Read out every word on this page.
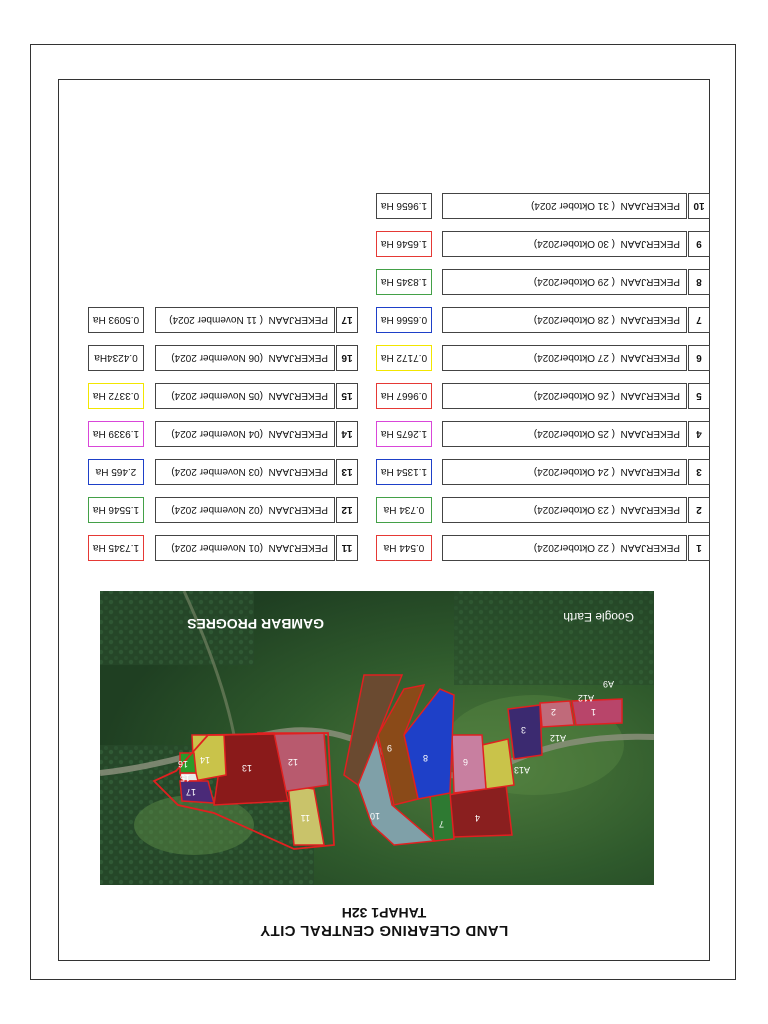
LAND CLEARING CENTRAL CITY
TAHAP1 32H
1
2
3
4
6
7
8
9
10
11
12
13
14
15
16
17
A9
A12
A13
A12
Google Earth
GAMBAR PROGRES
1
PEKERJAAN  ( 22 Oktober2024)
0.544 Ha
2
PEKERJAAN  ( 23 Oktober2024)
0.734 Ha
3
PEKERJAAN  ( 24 Oktober2024)
1.1354 Ha
4
PEKERJAAN  ( 25 Oktober2024)
1.2675 Ha
5
PEKERJAAN  ( 26 Oktober2024)
0.9667 Ha
6
PEKERJAAN  ( 27 Oktober2024)
0.7172 Ha
7
PEKERJAAN  ( 28 Oktober2024)
0.6566 Ha
8
PEKERJAAN  ( 29 Oktober2024)
1.8345 Ha
9
PEKERJAAN  ( 30 Oktober2024)
1.6546 Ha
10
PEKERJAAN  ( 31 Oktober 2024)
1.9656 Ha
11
PEKERJAAN  (01 November 2024)
1.7345 Ha
12
PEKERJAAN  (02 November 2024)
1.5546 Ha
13
PEKERJAAN  (03 November 2024)
2.465 Ha
14
PEKERJAAN  (04 November 2024)
1.9339 Ha
15
PEKERJAAN  (05 November 2024)
0.3372 Ha
16
PEKERJAAN  (06 November 2024)
0.4234Ha
17
PEKERJAAN  ( 11 November 2024)
0.5093 Ha
